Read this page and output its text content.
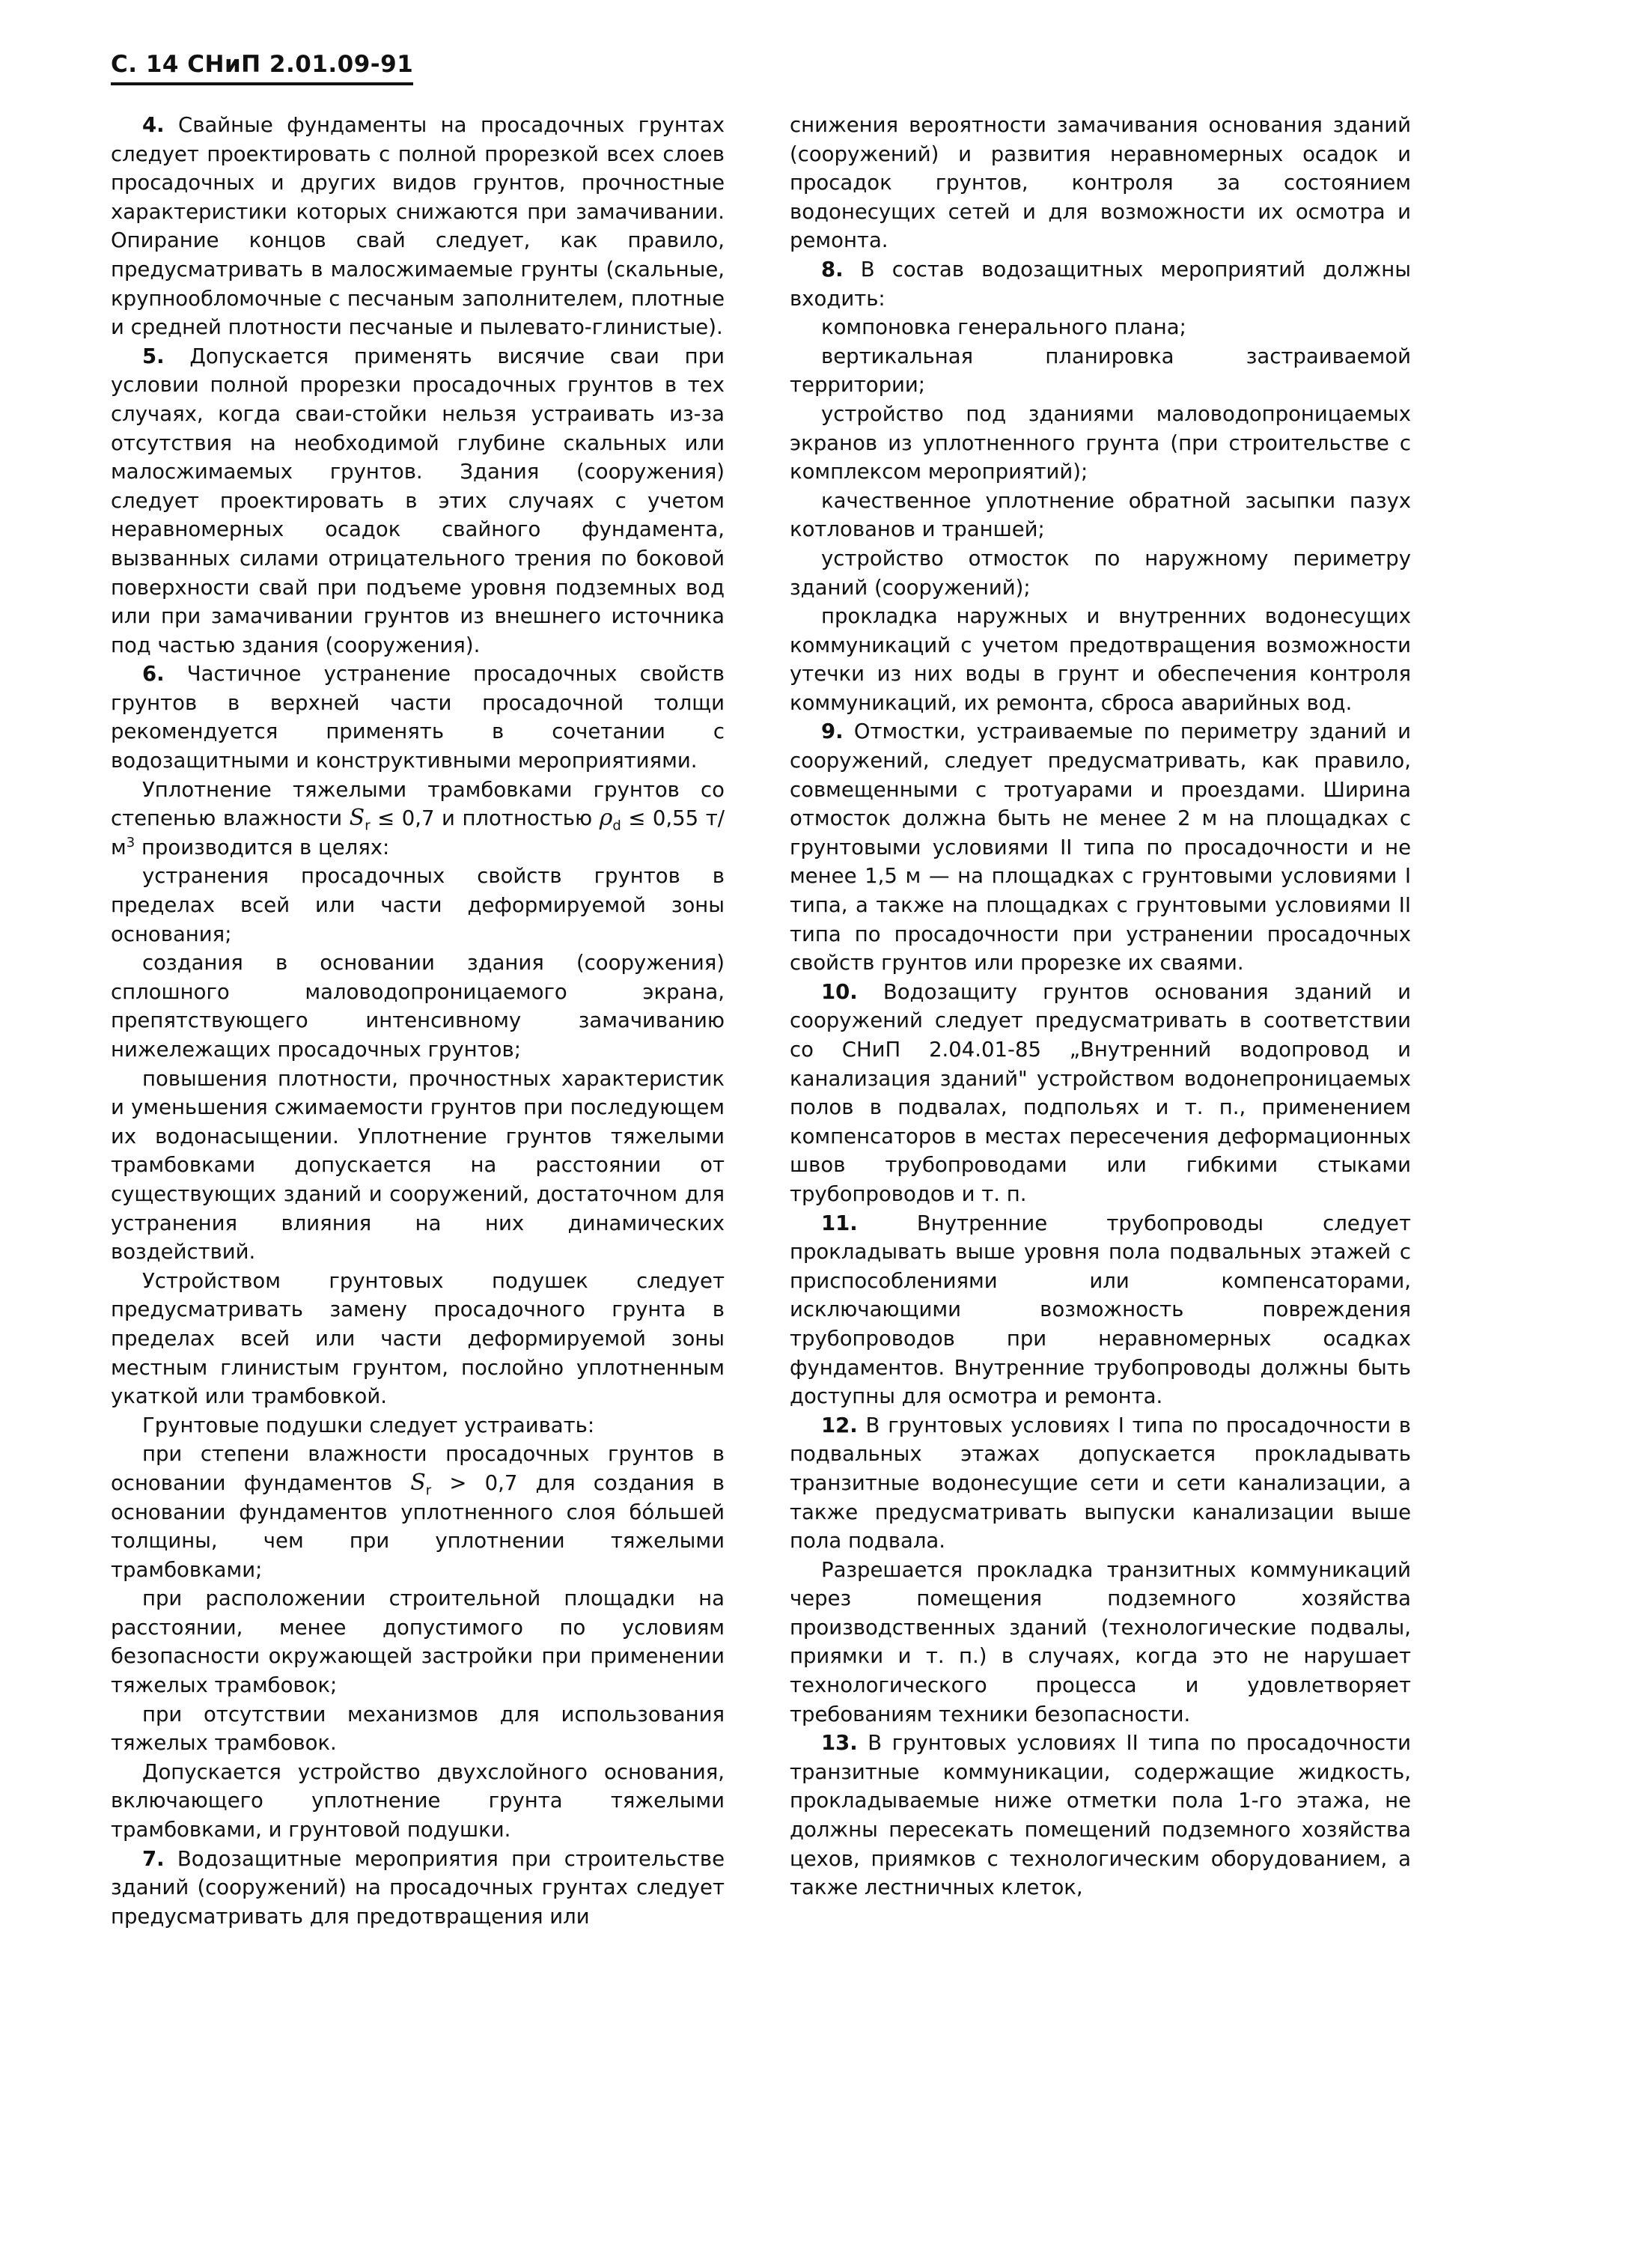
С. 14 СНиП 2.01.09-91

4. Свайные фундаменты на просадочных грунтах следует проектировать с полной прорезкой всех слоев просадочных и других видов грунтов, прочностные характеристики которых снижаются при замачивании. Опирание концов свай следует, как правило, предусматривать в малосжимаемые грунты (скальные, крупнообломочные с песчаным заполнителем, плотные и средней плотности песчаные и пылевато-глинистые).

5. Допускается применять висячие сваи при условии полной прорезки просадочных грунтов в тех случаях, когда сваи-стойки нельзя устраивать из-за отсутствия на необходимой глубине скальных или малосжимаемых грунтов. Здания (сооружения) следует проектировать в этих случаях с учетом неравномерных осадок свайного фундамента, вызванных силами отрицательного трения по боковой поверхности свай при подъеме уровня подземных вод или при замачивании грунтов из внешнего источника под частью здания (сооружения).

6. Частичное устранение просадочных свойств грунтов в верхней части просадочной толщи рекомендуется применять в сочетании с водозащитными и конструктивными мероприятиями.

Уплотнение тяжелыми трамбовками грунтов со степенью влажности $S_r \le 0,7$ и плотностью $\rho_d \le 0,55$ $т/м^3$ производится в целях:

устранения просадочных свойств грунтов в пределах всей или части деформируемой зоны основания;

создания в основании здания (сооружения) сплошного маловодопроницаемого экрана, препятствующего интенсивному замачиванию нижележащих просадочных грунтов;

повышения плотности, прочностных характеристик и уменьшения сжимаемости грунтов при последующем их водонасыщении. Уплотнение грунтов тяжелыми трамбовками допускается на расстоянии от существующих зданий и сооружений, достаточном для устранения влияния на них динамических воздействий.

Устройством грунтовых подушек следует предусматривать замену просадочного грунта в пределах всей или части деформируемой зоны местным глинистым грунтом, послойно уплотненным укаткой или трамбовкой.

Грунтовые подушки следует устраивать:

при степени влажности просадочных грунтов в основании фундаментов $S_r > 0,7$ для создания в основании фундаментов уплотненного слоя бóльшей толщины, чем при уплотнении тяжелыми трамбовками;

при расположении строительной площадки на расстоянии, менее допустимого по условиям безопасности окружающей застройки при применении тяжелых трамбовок;

при отсутствии механизмов для использования тяжелых трамбовок.

Допускается устройство двухслойного основания, включающего уплотнение грунта тяжелыми трамбовками, и грунтовой подушки.

7. Водозащитные мероприятия при строительстве зданий (сооружений) на просадочных грунтах следует предусматривать для предотвращения или

снижения вероятности замачивания основания зданий (сооружений) и развития неравномерных осадок и просадок грунтов, контроля за состоянием водонесущих сетей и для возможности их осмотра и ремонта.

8. В состав водозащитных мероприятий должны входить:

компоновка генерального плана;

вертикальная планировка застраиваемой территории;

устройство под зданиями маловодопроницаемых экранов из уплотненного грунта (при строительстве с комплексом мероприятий);

качественное уплотнение обратной засыпки пазух котлованов и траншей;

устройство отмосток по наружному периметру зданий (сооружений);

прокладка наружных и внутренних водонесущих коммуникаций с учетом предотвращения возможности утечки из них воды в грунт и обеспечения контроля коммуникаций, их ремонта, сброса аварийных вод.

9. Отмостки, устраиваемые по периметру зданий и сооружений, следует предусматривать, как правило, совмещенными с тротуарами и проездами. Ширина отмосток должна быть не менее 2 м на площадках с грунтовыми условиями II типа по просадочности и не менее 1,5 м — на площадках с грунтовыми условиями I типа, а также на площадках с грунтовыми условиями II типа по просадочности при устранении просадочных свойств грунтов или прорезке их сваями.

10. Водозащиту грунтов основания зданий и сооружений следует предусматривать в соответствии со СНиП 2.04.01-85 „Внутренний водопровод и канализация зданий" устройством водонепроницаемых полов в подвалах, подпольях и т. п., применением компенсаторов в местах пересечения деформационных швов трубопроводами или гибкими стыками трубопроводов и т. п.

11. Внутренние трубопроводы следует прокладывать выше уровня пола подвальных этажей с приспособлениями или компенсаторами, исключающими возможность повреждения трубопроводов при неравномерных осадках фундаментов. Внутренние трубопроводы должны быть доступны для осмотра и ремонта.

12. В грунтовых условиях I типа по просадочности в подвальных этажах допускается прокладывать транзитные водонесущие сети и сети канализации, а также предусматривать выпуски канализации выше пола подвала.

Разрешается прокладка транзитных коммуникаций через помещения подземного хозяйства производственных зданий (технологические подвалы, приямки и т. п.) в случаях, когда это не нарушает технологического процесса и удовлетворяет требованиям техники безопасности.

13. В грунтовых условиях II типа по просадочности транзитные коммуникации, содержащие жидкость, прокладываемые ниже отметки пола 1-го этажа, не должны пересекать помещений подземного хозяйства цехов, приямков с технологическим оборудованием, а также лестничных клеток,
